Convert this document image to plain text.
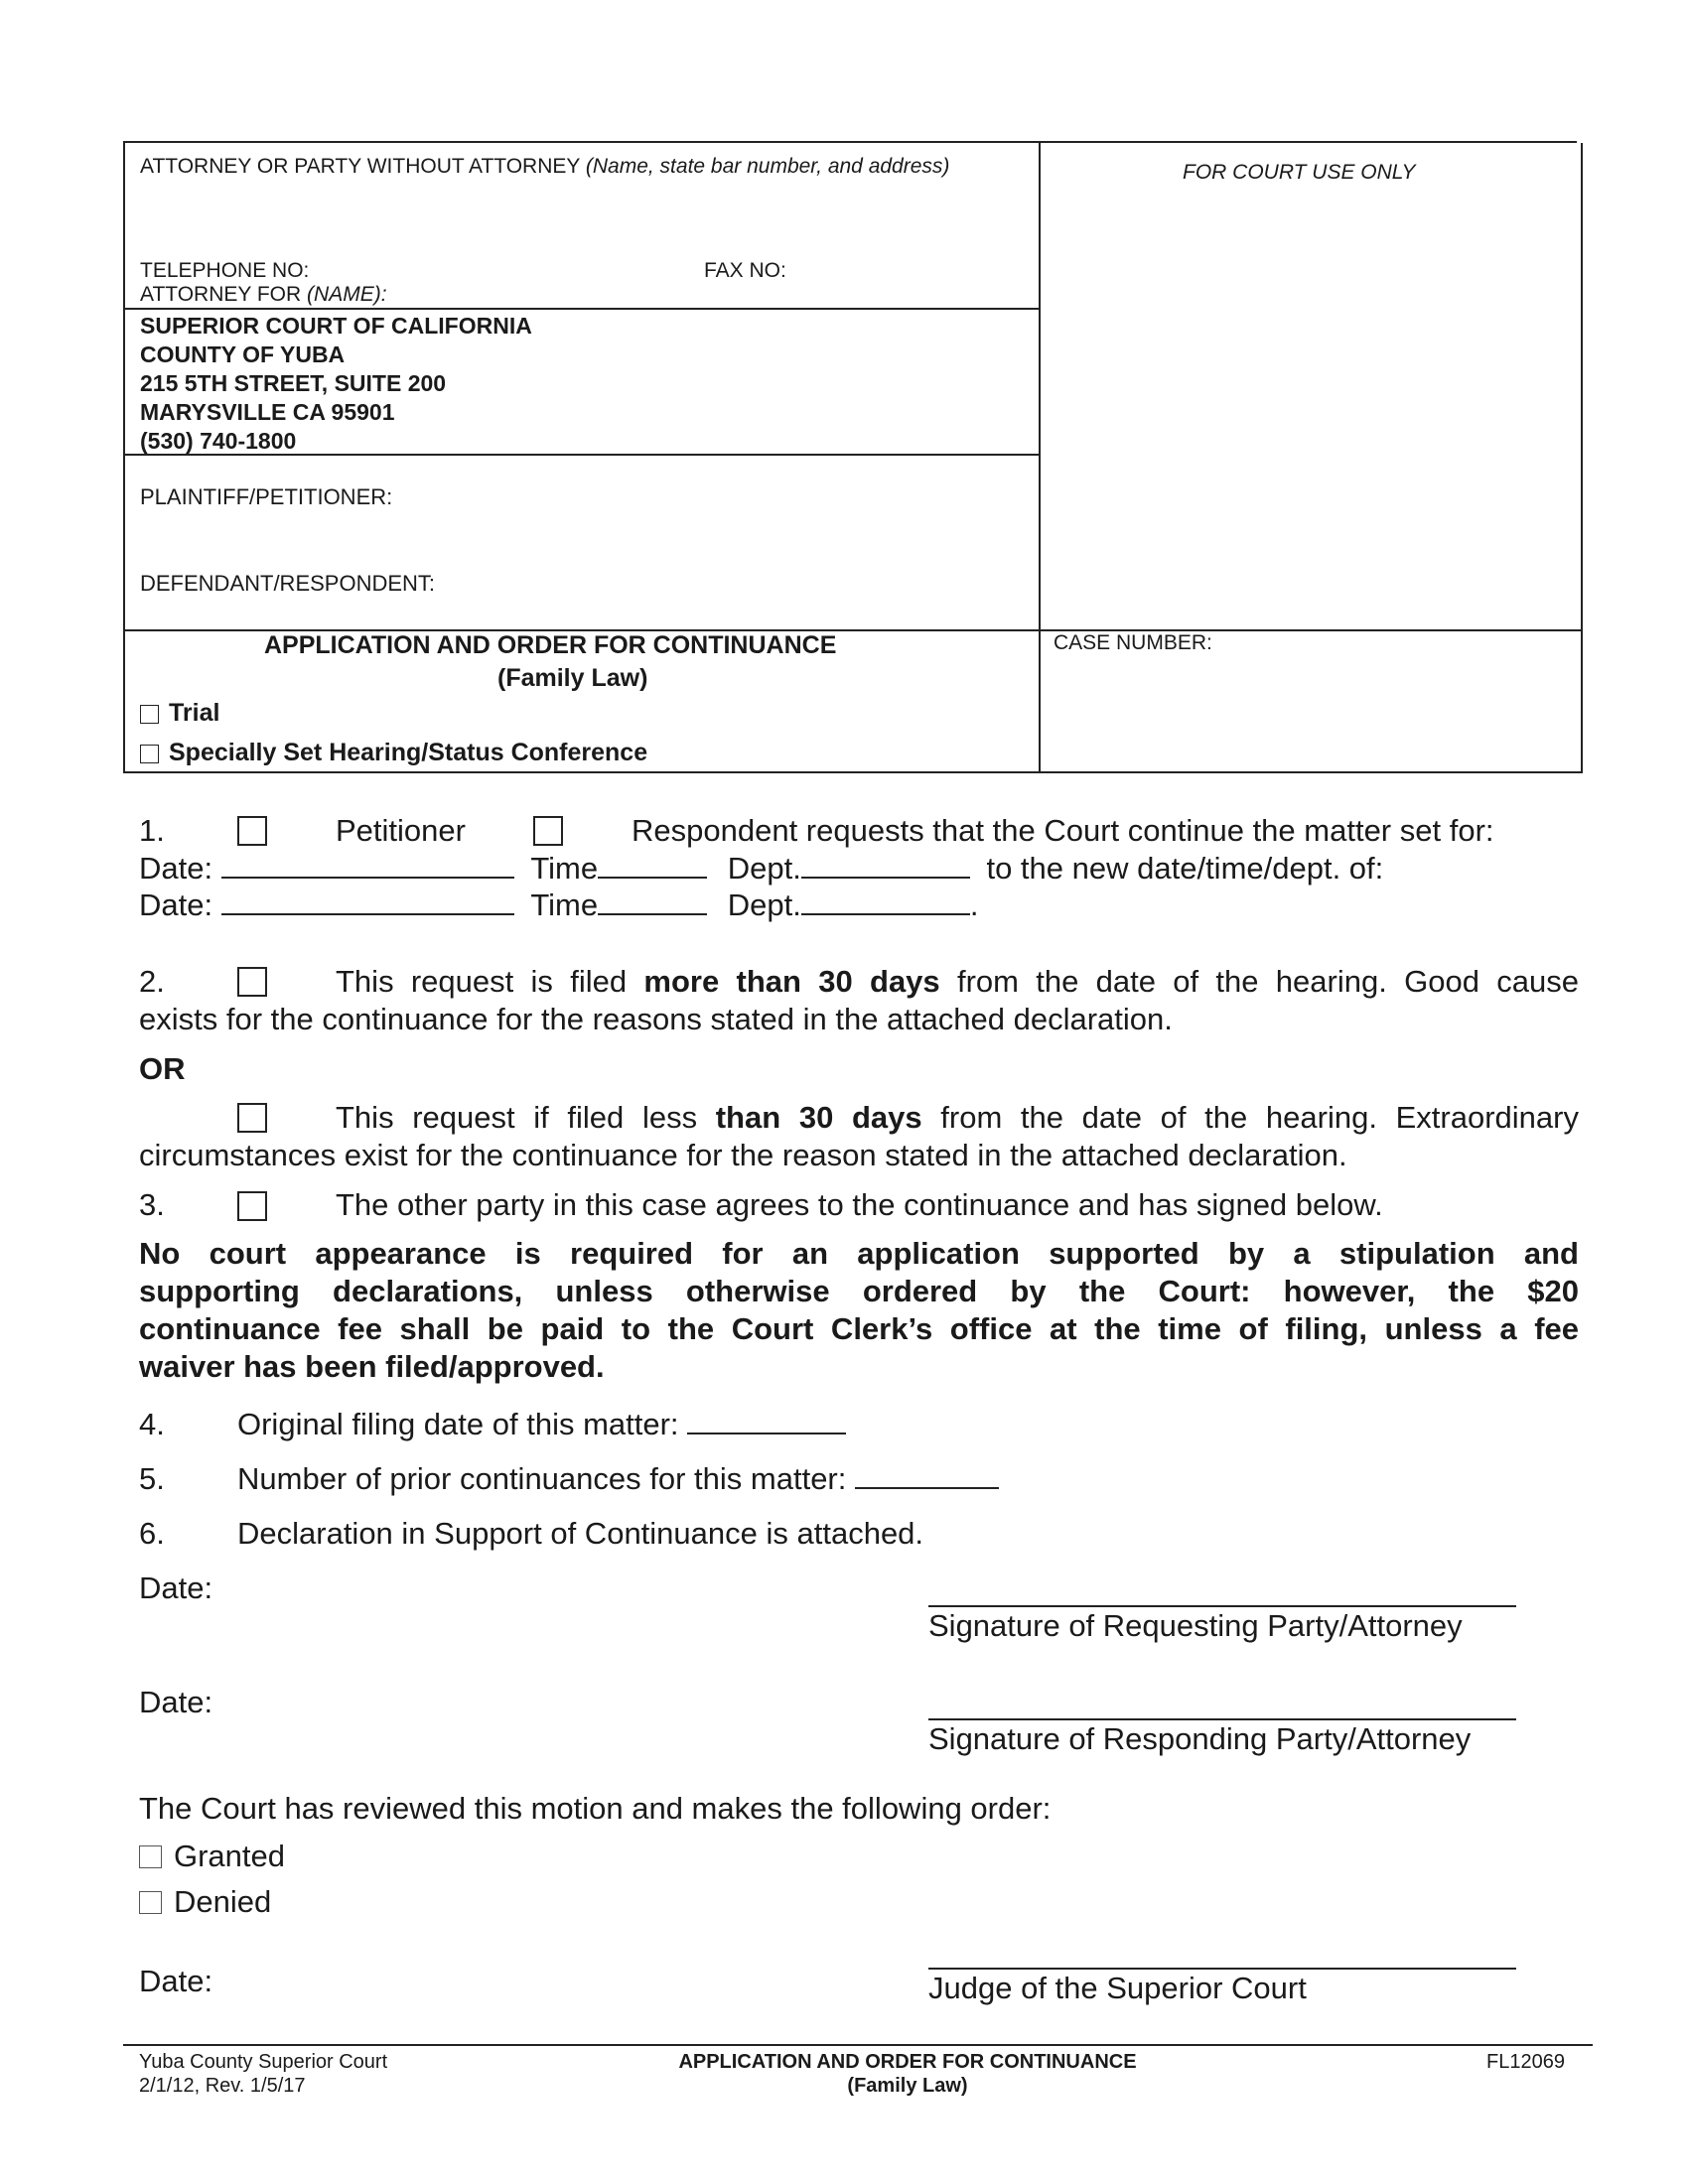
ATTORNEY OR PARTY WITHOUT ATTORNEY (Name, state bar number, and address)	FOR COURT USE ONLY
TELEPHONE NO:	FAX NO:
ATTORNEY FOR (NAME):
SUPERIOR COURT OF CALIFORNIA
COUNTY OF YUBA
215 5TH STREET, SUITE 200
MARYSVILLE CA 95901
(530) 740-1800
PLAINTIFF/PETITIONER:
DEFENDANT/RESPONDENT:
APPLICATION AND ORDER FOR CONTINUANCE
(Family Law)
CASE NUMBER:
Trial
Specially Set Hearing/Status Conference
1.	Petitioner	Respondent requests that the Court continue the matter set for:
Date:	Time	Dept.	to the new date/time/dept. of:
Date:	Time	Dept.	.
2.	This request is filed more than 30 days from the date of the hearing. Good cause
exists for the continuance for the reasons stated in the attached declaration.
OR
This request if filed less than 30 days from the date of the hearing. Extraordinary
circumstances exist for the continuance for the reason stated in the attached declaration.
3.	The other party in this case agrees to the continuance and has signed below.
No court appearance is required for an application supported by a stipulation and
supporting declarations, unless otherwise ordered by the Court: however, the $20
continuance fee shall be paid to the Court Clerk’s office at the time of filing, unless a fee
waiver has been filed/approved.
4. Original filing date of this matter:
5. Number of prior continuances for this matter:
6. Declaration in Support of Continuance is attached.
Date:
Signature of Requesting Party/Attorney
Date:
Signature of Responding Party/Attorney
The Court has reviewed this motion and makes the following order:
Granted
Denied
Date:	Judge of the Superior Court
Yuba County Superior Court
2/1/12, Rev. 1/5/17
APPLICATION AND ORDER FOR CONTINUANCE
(Family Law)
FL12069
